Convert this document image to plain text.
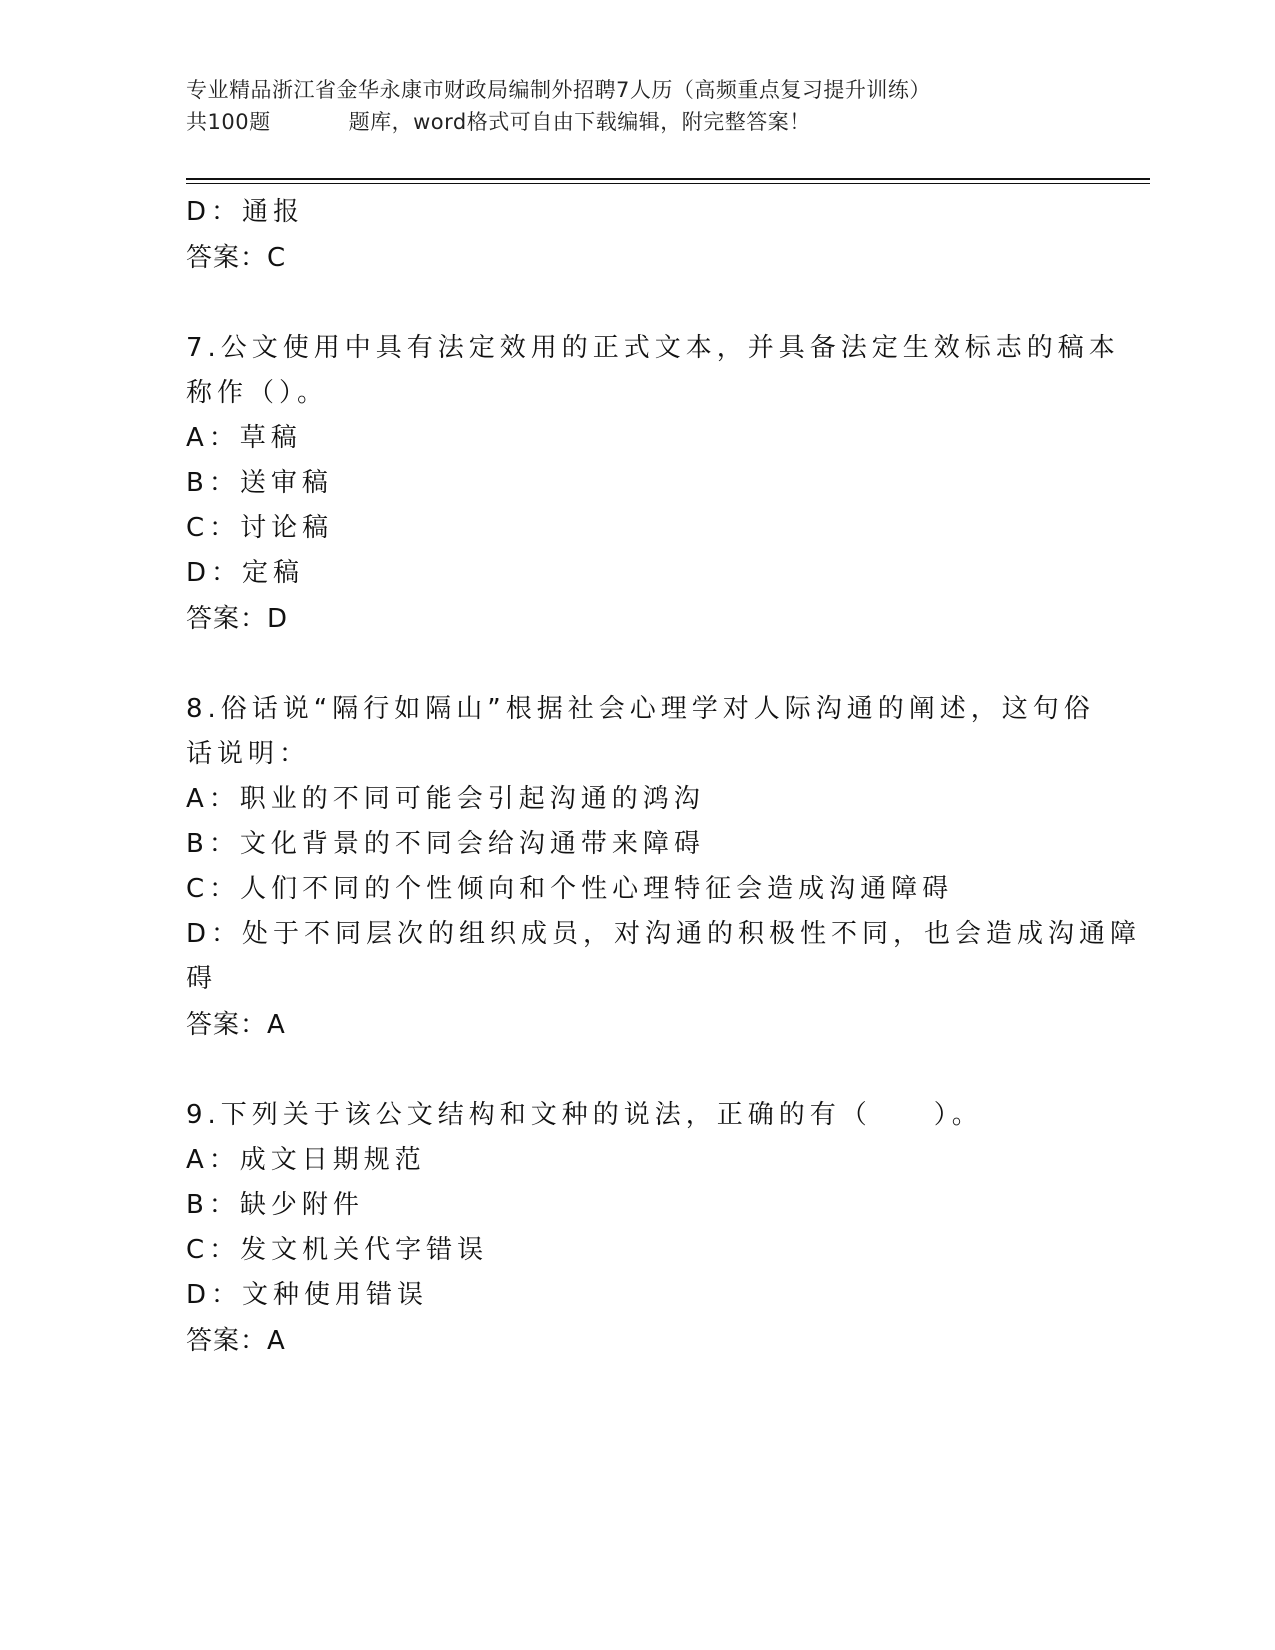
专业精品浙江省金华永康市财政局编制外招聘7人历（高频重点复习提升训练）
共100题	题库，word格式可自由下载编辑，附完整答案！
D：通报
答案：C
7.公文使用中具有法定效用的正式文本，并具备法定生效标志的稿本
称作（）。
A：草稿
B：送审稿
C：讨论稿
D：定稿
答案：D
8.俗话说“隔行如隔山”根据社会心理学对人际沟通的阐述，这句俗
话说明：
A：职业的不同可能会引起沟通的鸿沟
B：文化背景的不同会给沟通带来障碍
C：人们不同的个性倾向和个性心理特征会造成沟通障碍
D：处于不同层次的组织成员，对沟通的积极性不同，也会造成沟通障
碍
答案：A
9.下列关于该公文结构和文种的说法，正确的有（　　）。
A：成文日期规范
B：缺少附件
C：发文机关代字错误
D：文种使用错误
答案：A
